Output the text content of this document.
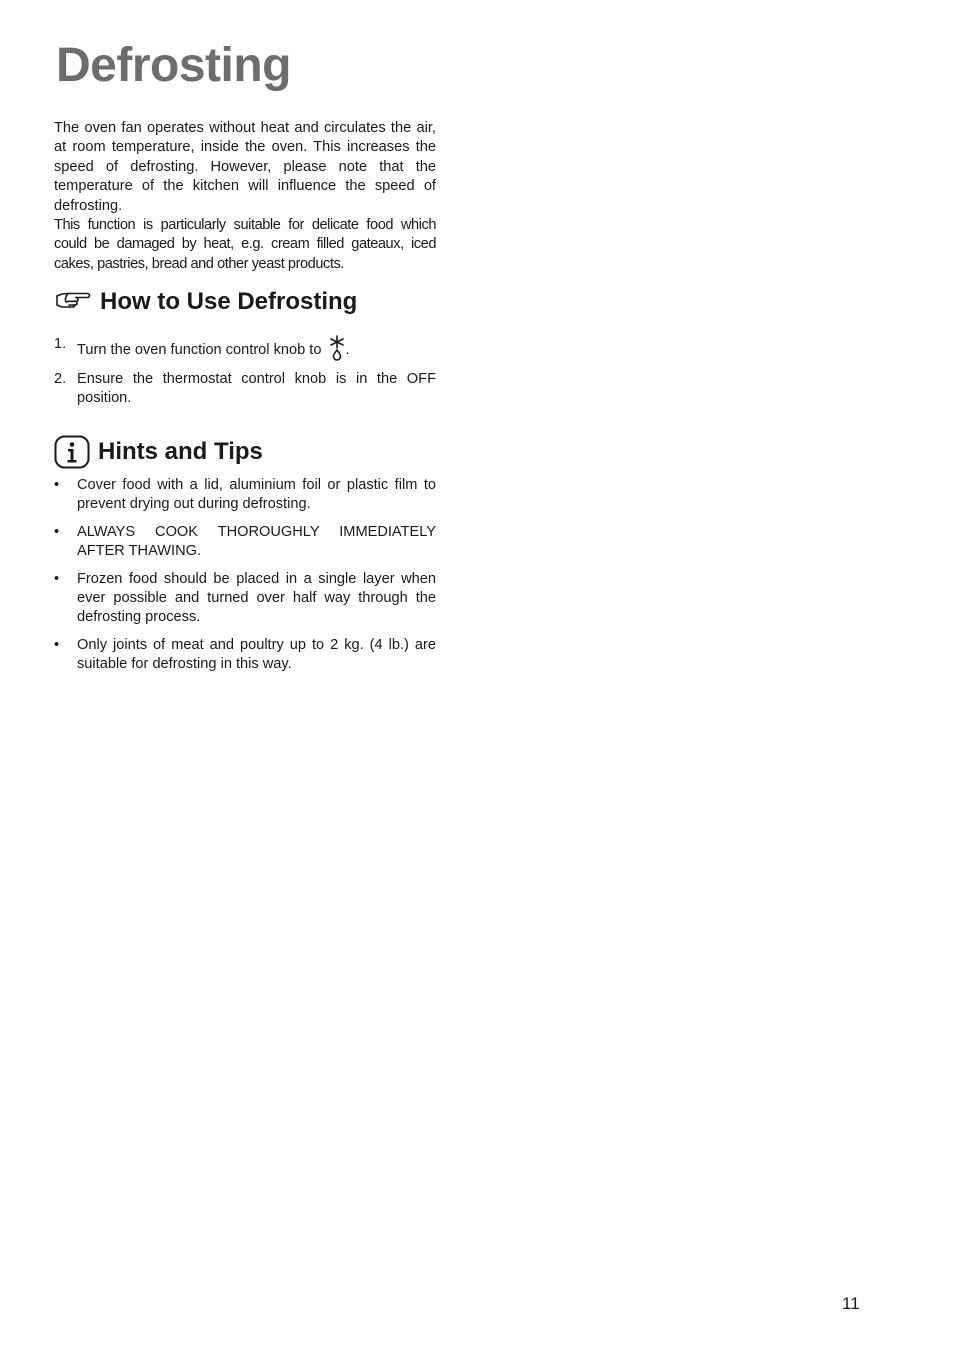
Defrosting

The oven fan operates without heat and circulates the air, at room temperature, inside the oven. This increases the speed of defrosting. However, please note that the temperature of the kitchen will influence the speed of defrosting.

This function is particularly suitable for delicate food which could be damaged by heat, e.g. cream filled gateaux, iced cakes, pastries, bread and other yeast products.

How to Use Defrosting
1. Turn the oven function control knob to .
2. Ensure the thermostat control knob is in the OFF position.
Hints and Tips
• Cover food with a lid, aluminium foil or plastic film to prevent drying out during defrosting.
• ALWAYS COOK THOROUGHLY IMMEDIATELY AFTER THAWING.
• Frozen food should be placed in a single layer when ever possible and turned over half way through the defrosting process.
• Only joints of meat and poultry up to 2 kg. (4 lb.) are suitable for defrosting in this way.
11
